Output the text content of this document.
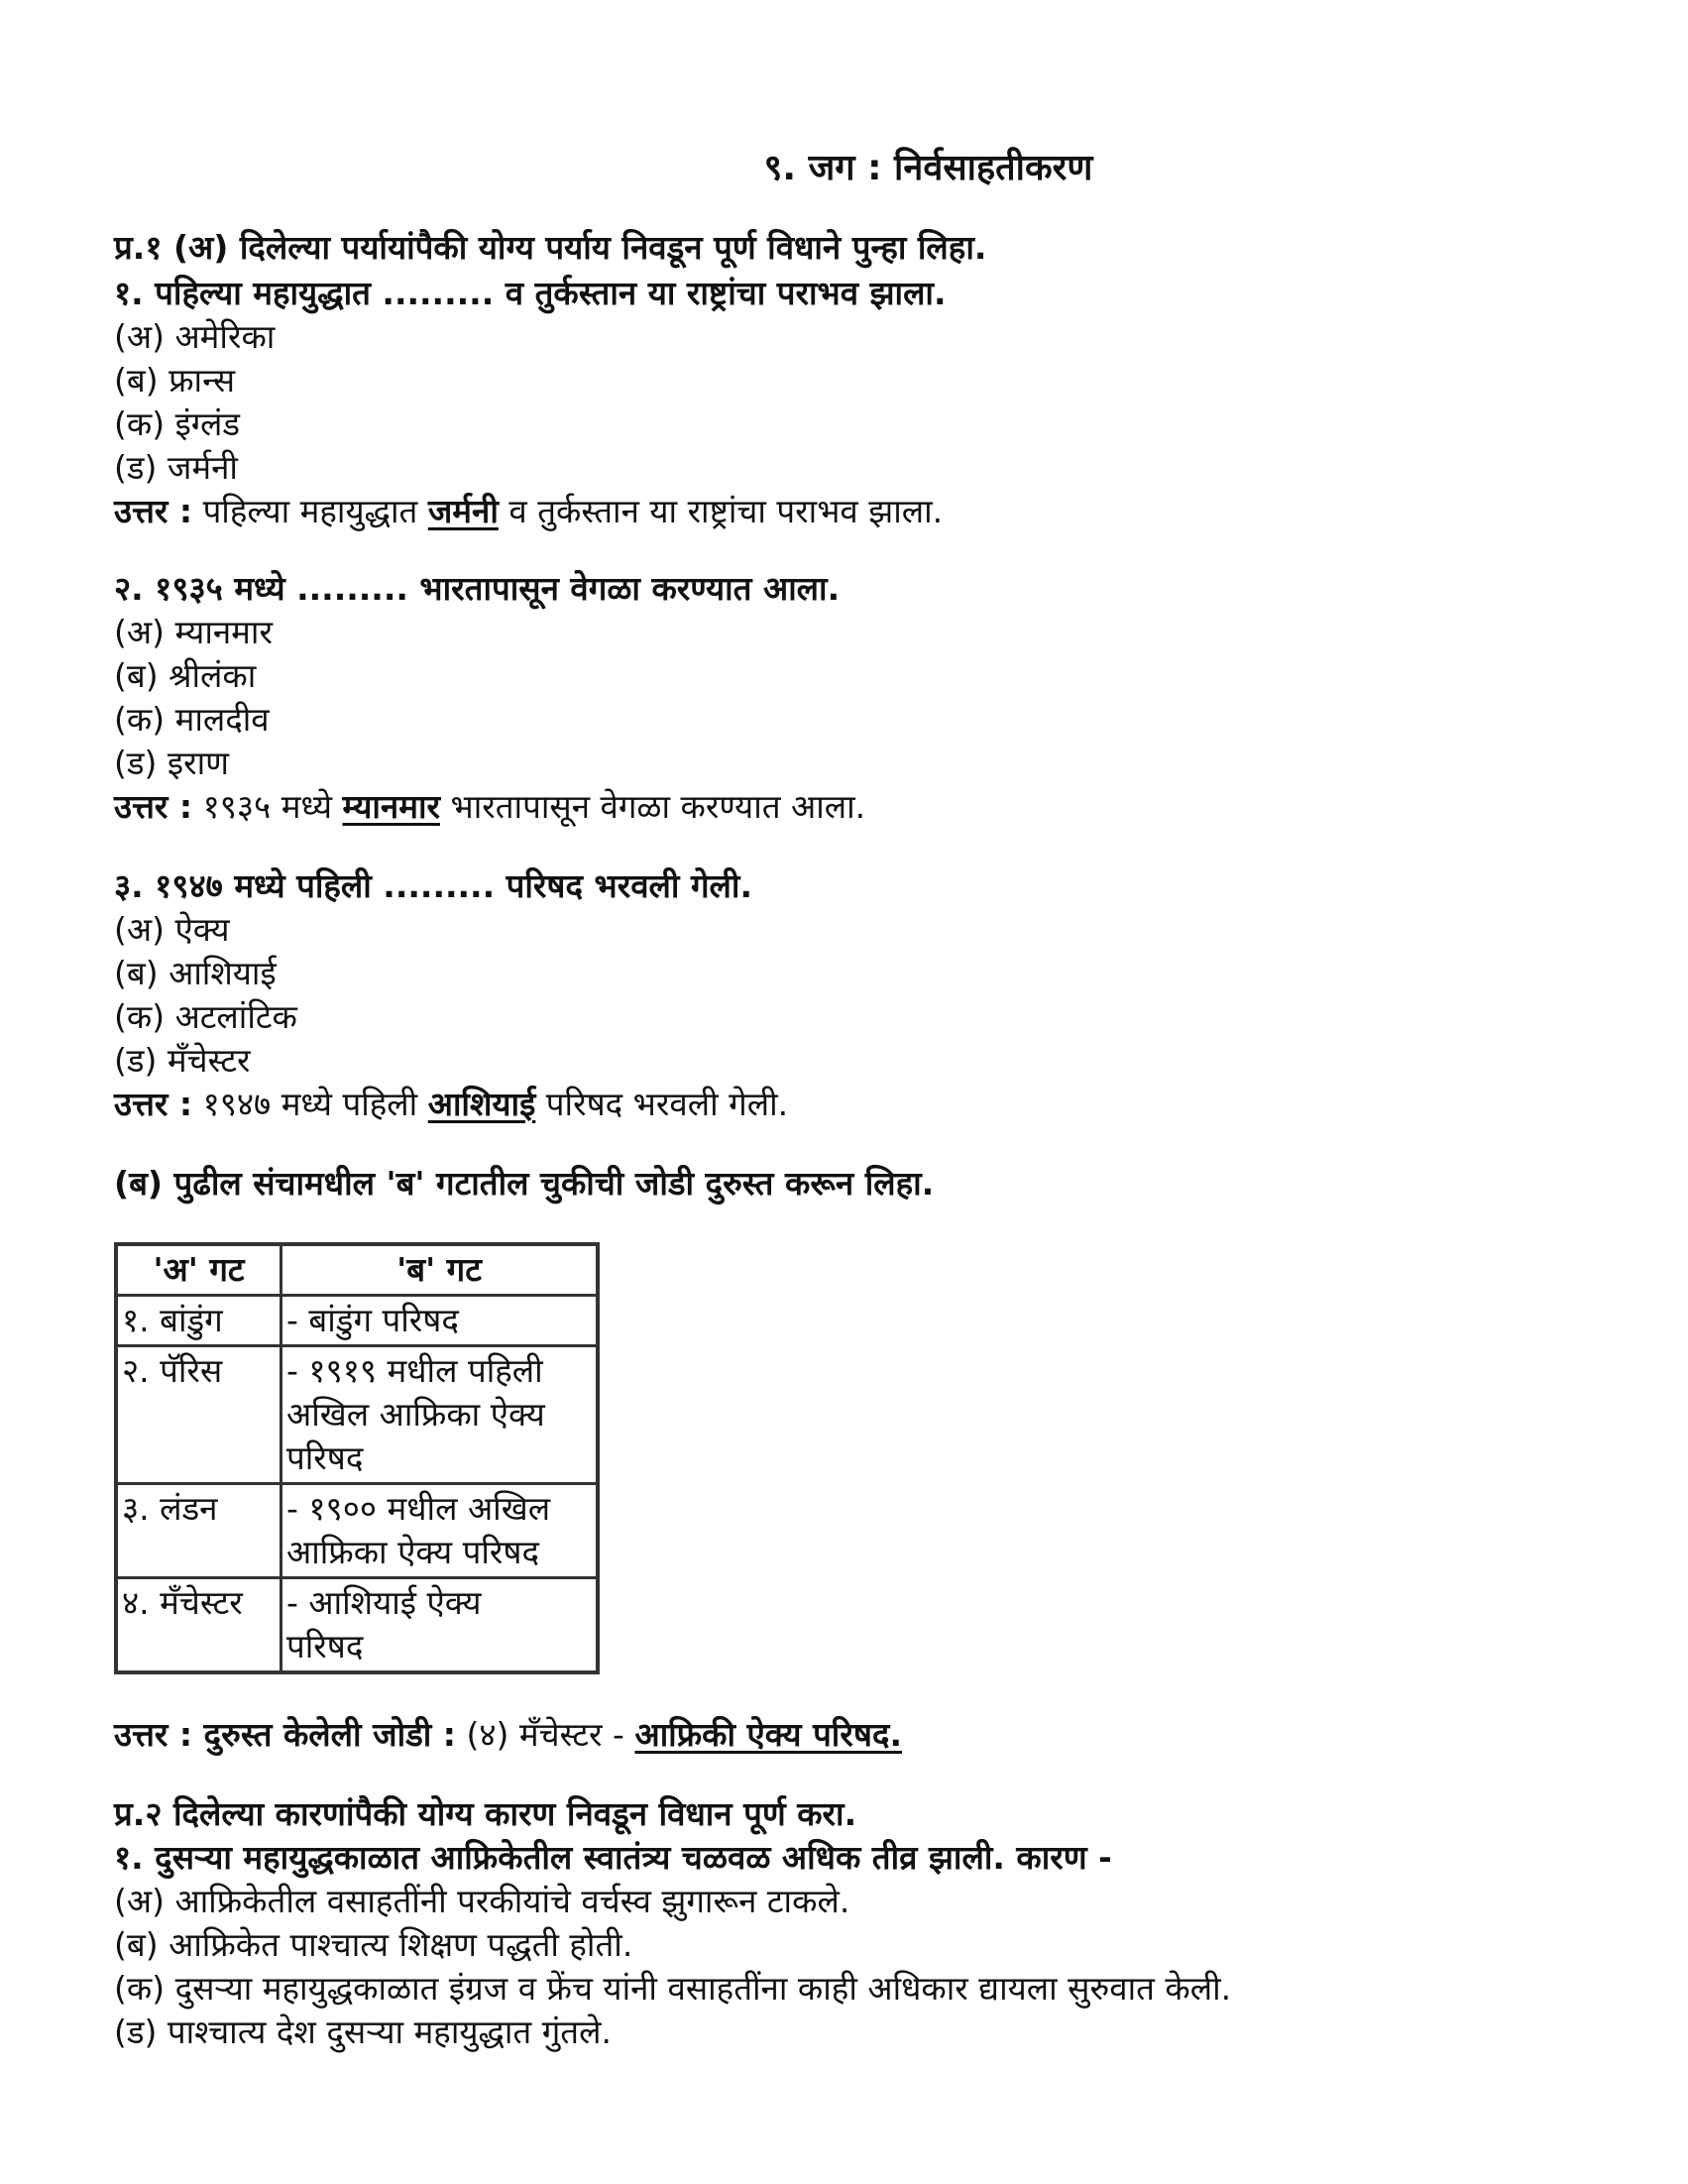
९. जग : निर्वसाहतीकरण
प्र.१ (अ) दिलेल्या पर्यायांपैकी योग्य पर्याय निवडून पूर्ण विधाने पुन्हा लिहा.
१. पहिल्या महायुद्धात ......... व तुर्कस्तान या राष्ट्रांचा पराभव झाला.
(अ) अमेरिका
(ब) फ्रान्स
(क) इंग्लंड
(ड) जर्मनी
उत्तर : पहिल्या महायुद्धात जर्मनी व तुर्कस्तान या राष्ट्रांचा पराभव झाला.
२. १९३५ मध्ये ......... भारतापासून वेगळा करण्यात आला.
(अ) म्यानमार
(ब) श्रीलंका
(क) मालदीव
(ड) इराण
उत्तर : १९३५ मध्ये म्यानमार भारतापासून वेगळा करण्यात आला.
३. १९४७ मध्ये पहिली ......... परिषद भरवली गेली.
(अ) ऐक्य
(ब) आशियाई
(क) अटलांटिक
(ड) मँचेस्टर
उत्तर : १९४७ मध्ये पहिली आशियाई परिषद भरवली गेली.
(ब) पुढील संचामधील 'ब' गटातील चुकीची जोडी दुरुस्त करून लिहा.
'अ' गट	'ब' गट
१. बांडुंग	- बांडुंग परिषद

२. पॅरिस	- १९१९ मधील पहिली
अखिल आफ्रिका ऐक्य
परिषद

३. लंडन	- १९०० मधील अखिल
आफ्रिका ऐक्य परिषद

४. मँचेस्टर	- आशियाई ऐक्य
परिषद
उत्तर : दुरुस्त केलेली जोडी : (४) मँचेस्टर - आफ्रिकी ऐक्य परिषद.
प्र.२ दिलेल्या कारणांपैकी योग्य कारण निवडून विधान पूर्ण करा.
१. दुसऱ्या महायुद्धकाळात आफ्रिकेतील स्वातंत्र्य चळवळ अधिक तीव्र झाली. कारण -
(अ) आफ्रिकेतील वसाहतींनी परकीयांचे वर्चस्व झुगारून टाकले.
(ब) आफ्रिकेत पाश्चात्य शिक्षण पद्धती होती.
(क) दुसऱ्या महायुद्धकाळात इंग्रज व फ्रेंच यांनी वसाहतींना काही अधिकार द्यायला सुरुवात केली.
(ड) पाश्चात्य देश दुसऱ्या महायुद्धात गुंतले.
